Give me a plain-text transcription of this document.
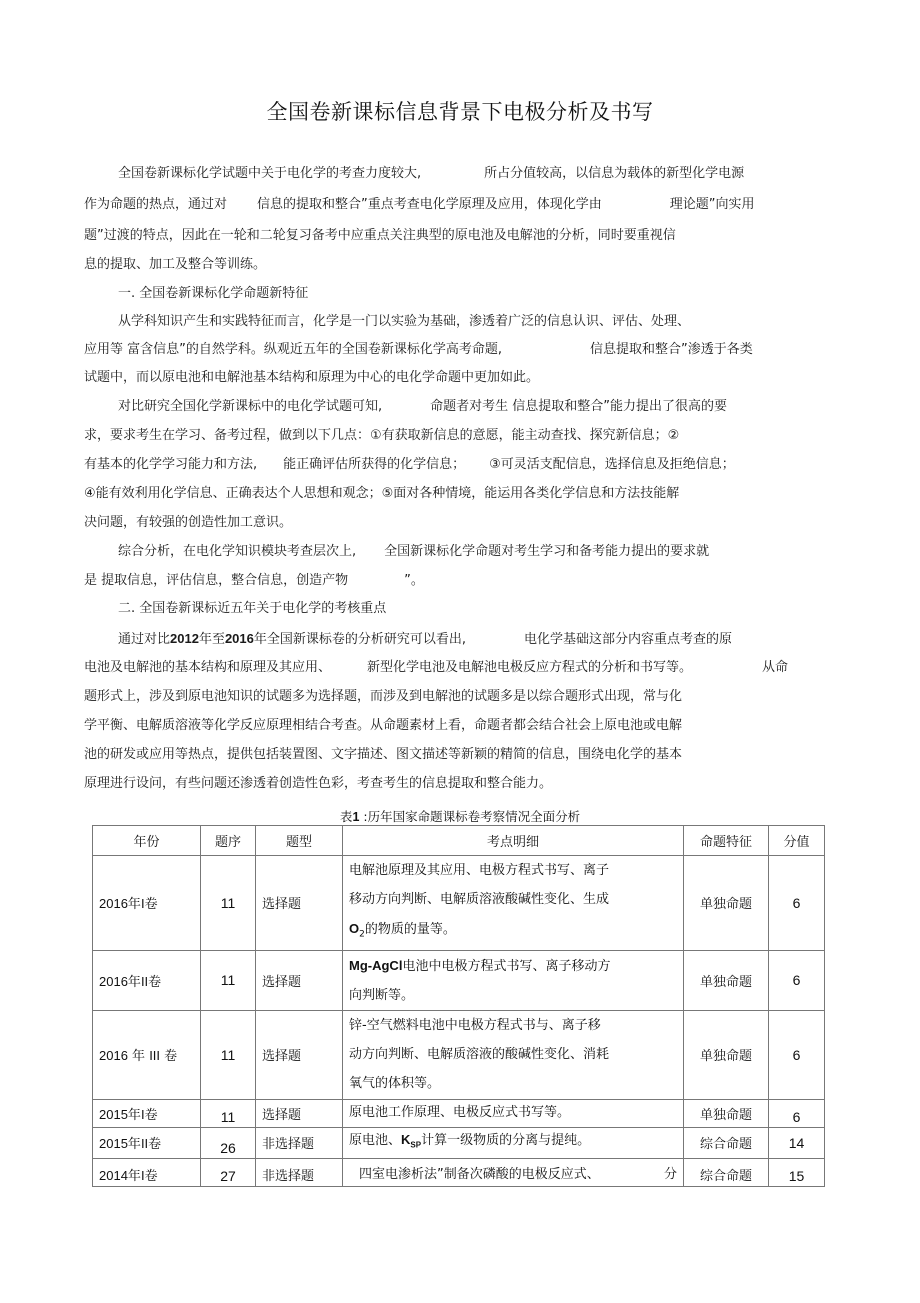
全国卷新课标信息背景下电极分析及书写
全国卷新课标化学试题中关于电化学的考查力度较大,	所占分值较高，以信息为载体的新型化学电源
作为命题的热点，通过对 信息的提取和整合”重点考查电化学原理及应用，体现化学由	理论题”向实用
题”过渡的特点，因此在一轮和二轮复习备考中应重点关注典型的原电池及电解池的分析，同时要重视信
息的提取、加工及整合等训练。
一. 全国卷新课标化学命题新特征
从学科知识产生和实践特征而言，化学是一门以实验为基础，渗透着广泛的信息认识、评估、处理、
应用等 富含信息”的自然学科。纵观近五年的全国卷新课标化学高考命题,	信息提取和整合”渗透于各类
试题中，而以原电池和电解池基本结构和原理为中心的电化学命题中更加如此。
对比研究全国化学新课标中的电化学试题可知,	命题者对考生 信息提取和整合”能力提出了很高的要
求，要求考生在学习、备考过程，做到以下几点：①有获取新信息的意愿，能主动查找、探究新信息；②
有基本的化学学习能力和方法, 能正确评估所获得的化学信息； ③可灵活支配信息，选择信息及拒绝信息；
④能有效利用化学信息、正确表达个人思想和观念；⑤面对各种情境，能运用各类化学信息和方法技能解
决问题，有较强的创造性加工意识。
综合分析，在电化学知识模块考查层次上, 全国新课标化学命题对考生学习和备考能力提出的要求就
是 提取信息，评估信息，整合信息，创造产物	”。
二. 全国卷新课标近五年关于电化学的考核重点
通过对比2012年至2016年全国新课标卷的分析研究可以看出,	电化学基础这部分内容重点考查的原
电池及电解池的基本结构和原理及其应用、	新型化学电池及电解池电极反应方程式的分析和书写等。	从命
题形式上，涉及到原电池知识的试题多为选择题，而涉及到电解池的试题多是以综合题形式出现，常与化
学平衡、电解质溶液等化学反应原理相结合考查。从命题素材上看，命题者都会结合社会上原电池或电解
池的研发或应用等热点，提供包括装置图、文字描述、图文描述等新颖的精简的信息，围绕电化学的基本
原理进行设问，有些问题还渗透着创造性色彩，考查考生的信息提取和整合能力。
表1 :历年国家命题课标卷考察情况全面分析
年份	题序	题型	考点明细	命题特征	分值
2016年I卷	11	选择题	电解池原理及其应用、电极方程式书写、离子
移动方向判断、电解质溶液酸碱性变化、生成
$O_2$的物质的量等。	单独命题	6
2016年II卷	11	选择题	Mg-AgCl电池中电极方程式书写、离子移动方
向判断等。	单独命题	6
2016 年 III 卷	11	选择题	锌-空气燃料电池中电极方程式书与、离子移
动方向判断、电解质溶液的酸碱性变化、消耗
氧气的体积等。	单独命题	6
2015年I卷	11	选择题	原电池工作原理、电极反应式书写等。	单独命题	6
2015年II卷	26	非选择题	原电池、$K_{SP}$计算一级物质的分离与提纯。	综合命题	14
2014年I卷	27	非选择题	四室电渗析法”制备次磷酸的电极反应式、 分	综合命题	15
